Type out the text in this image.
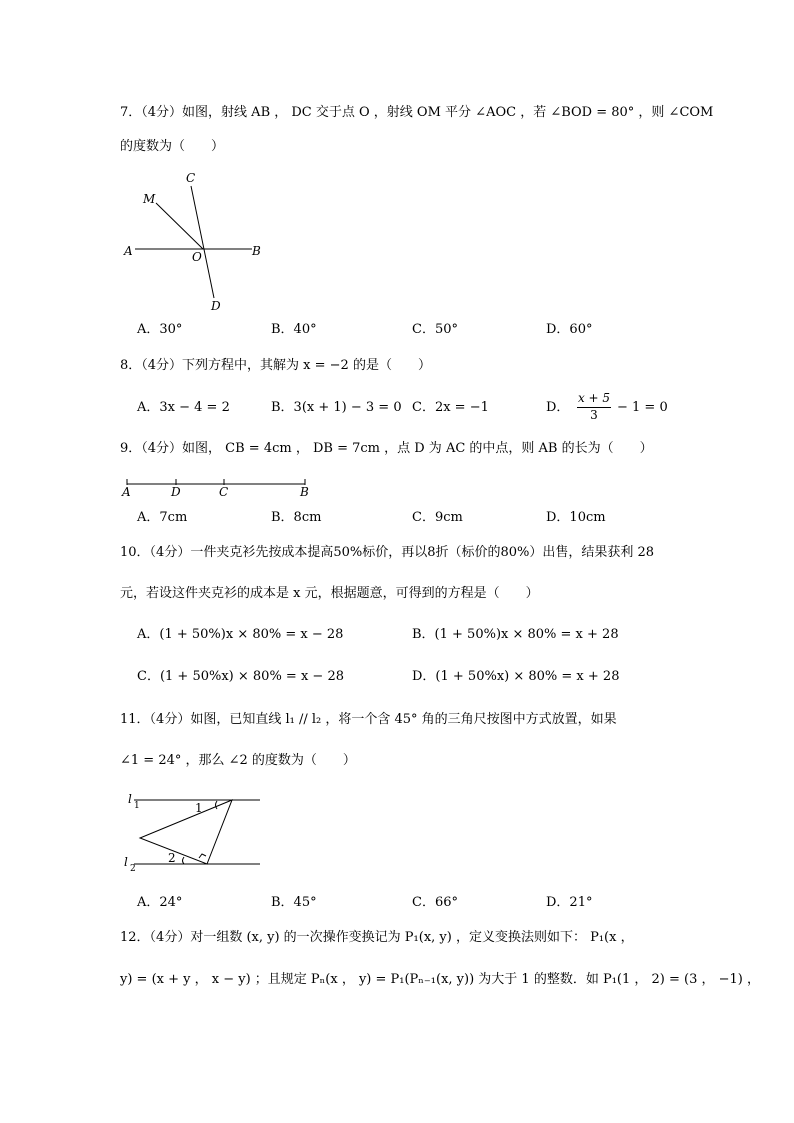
7．（4分）如图，射线 AB ， DC 交于点 O ，射线 OM 平分 ∠AOC ，若 ∠BOD = 80° ，则 ∠COM
的度数为（　　）
C
M
A	O	B
D
A．30°	B．40°	C．50°	D．60°
8．（4分）下列方程中，其解为 x = −2 的是（　　）
A．3x − 4 = 2	B．3(x + 1) − 3 = 0 C．2x = −1	D．
x + 5
3	− 1 = 0
9．（4分）如图， CB = 4cm ， DB = 7cm ，点 D 为 AC 的中点，则 AB 的长为（　　）
A	D	C	B
A．7cm	B．8cm	C．9cm	D．10cm
10．（4分）一件夹克衫先按成本提高50%标价，再以8折（标价的80%）出售，结果获利 28
元，若设这件夹克衫的成本是 x 元，根据题意，可得到的方程是（　　）
A．(1 + 50%)x × 80% = x − 28	B．(1 + 50%)x × 80% = x + 28
C．(1 + 50%x) × 80% = x − 28	D．(1 + 50%x) × 80% = x + 28
11．（4分）如图，已知直线 l₁ // l₂ ，将一个含 45° 角的三角尺按图中方式放置，如果
∠1 = 24° ，那么 ∠2 的度数为（　　）
l 1
l 2
1
2
A．24°	B．45°	C．66°	D．21°
12．（4分）对一组数 (x, y) 的一次操作变换记为 P₁(x, y) ，定义变换法则如下： P₁(x ，
y) = (x + y ， x − y) ；且规定 Pₙ(x ， y) = P₁(Pₙ₋₁(x, y)) 为大于 1 的整数．如 P₁(1 ， 2) = (3 ， −1) ，
